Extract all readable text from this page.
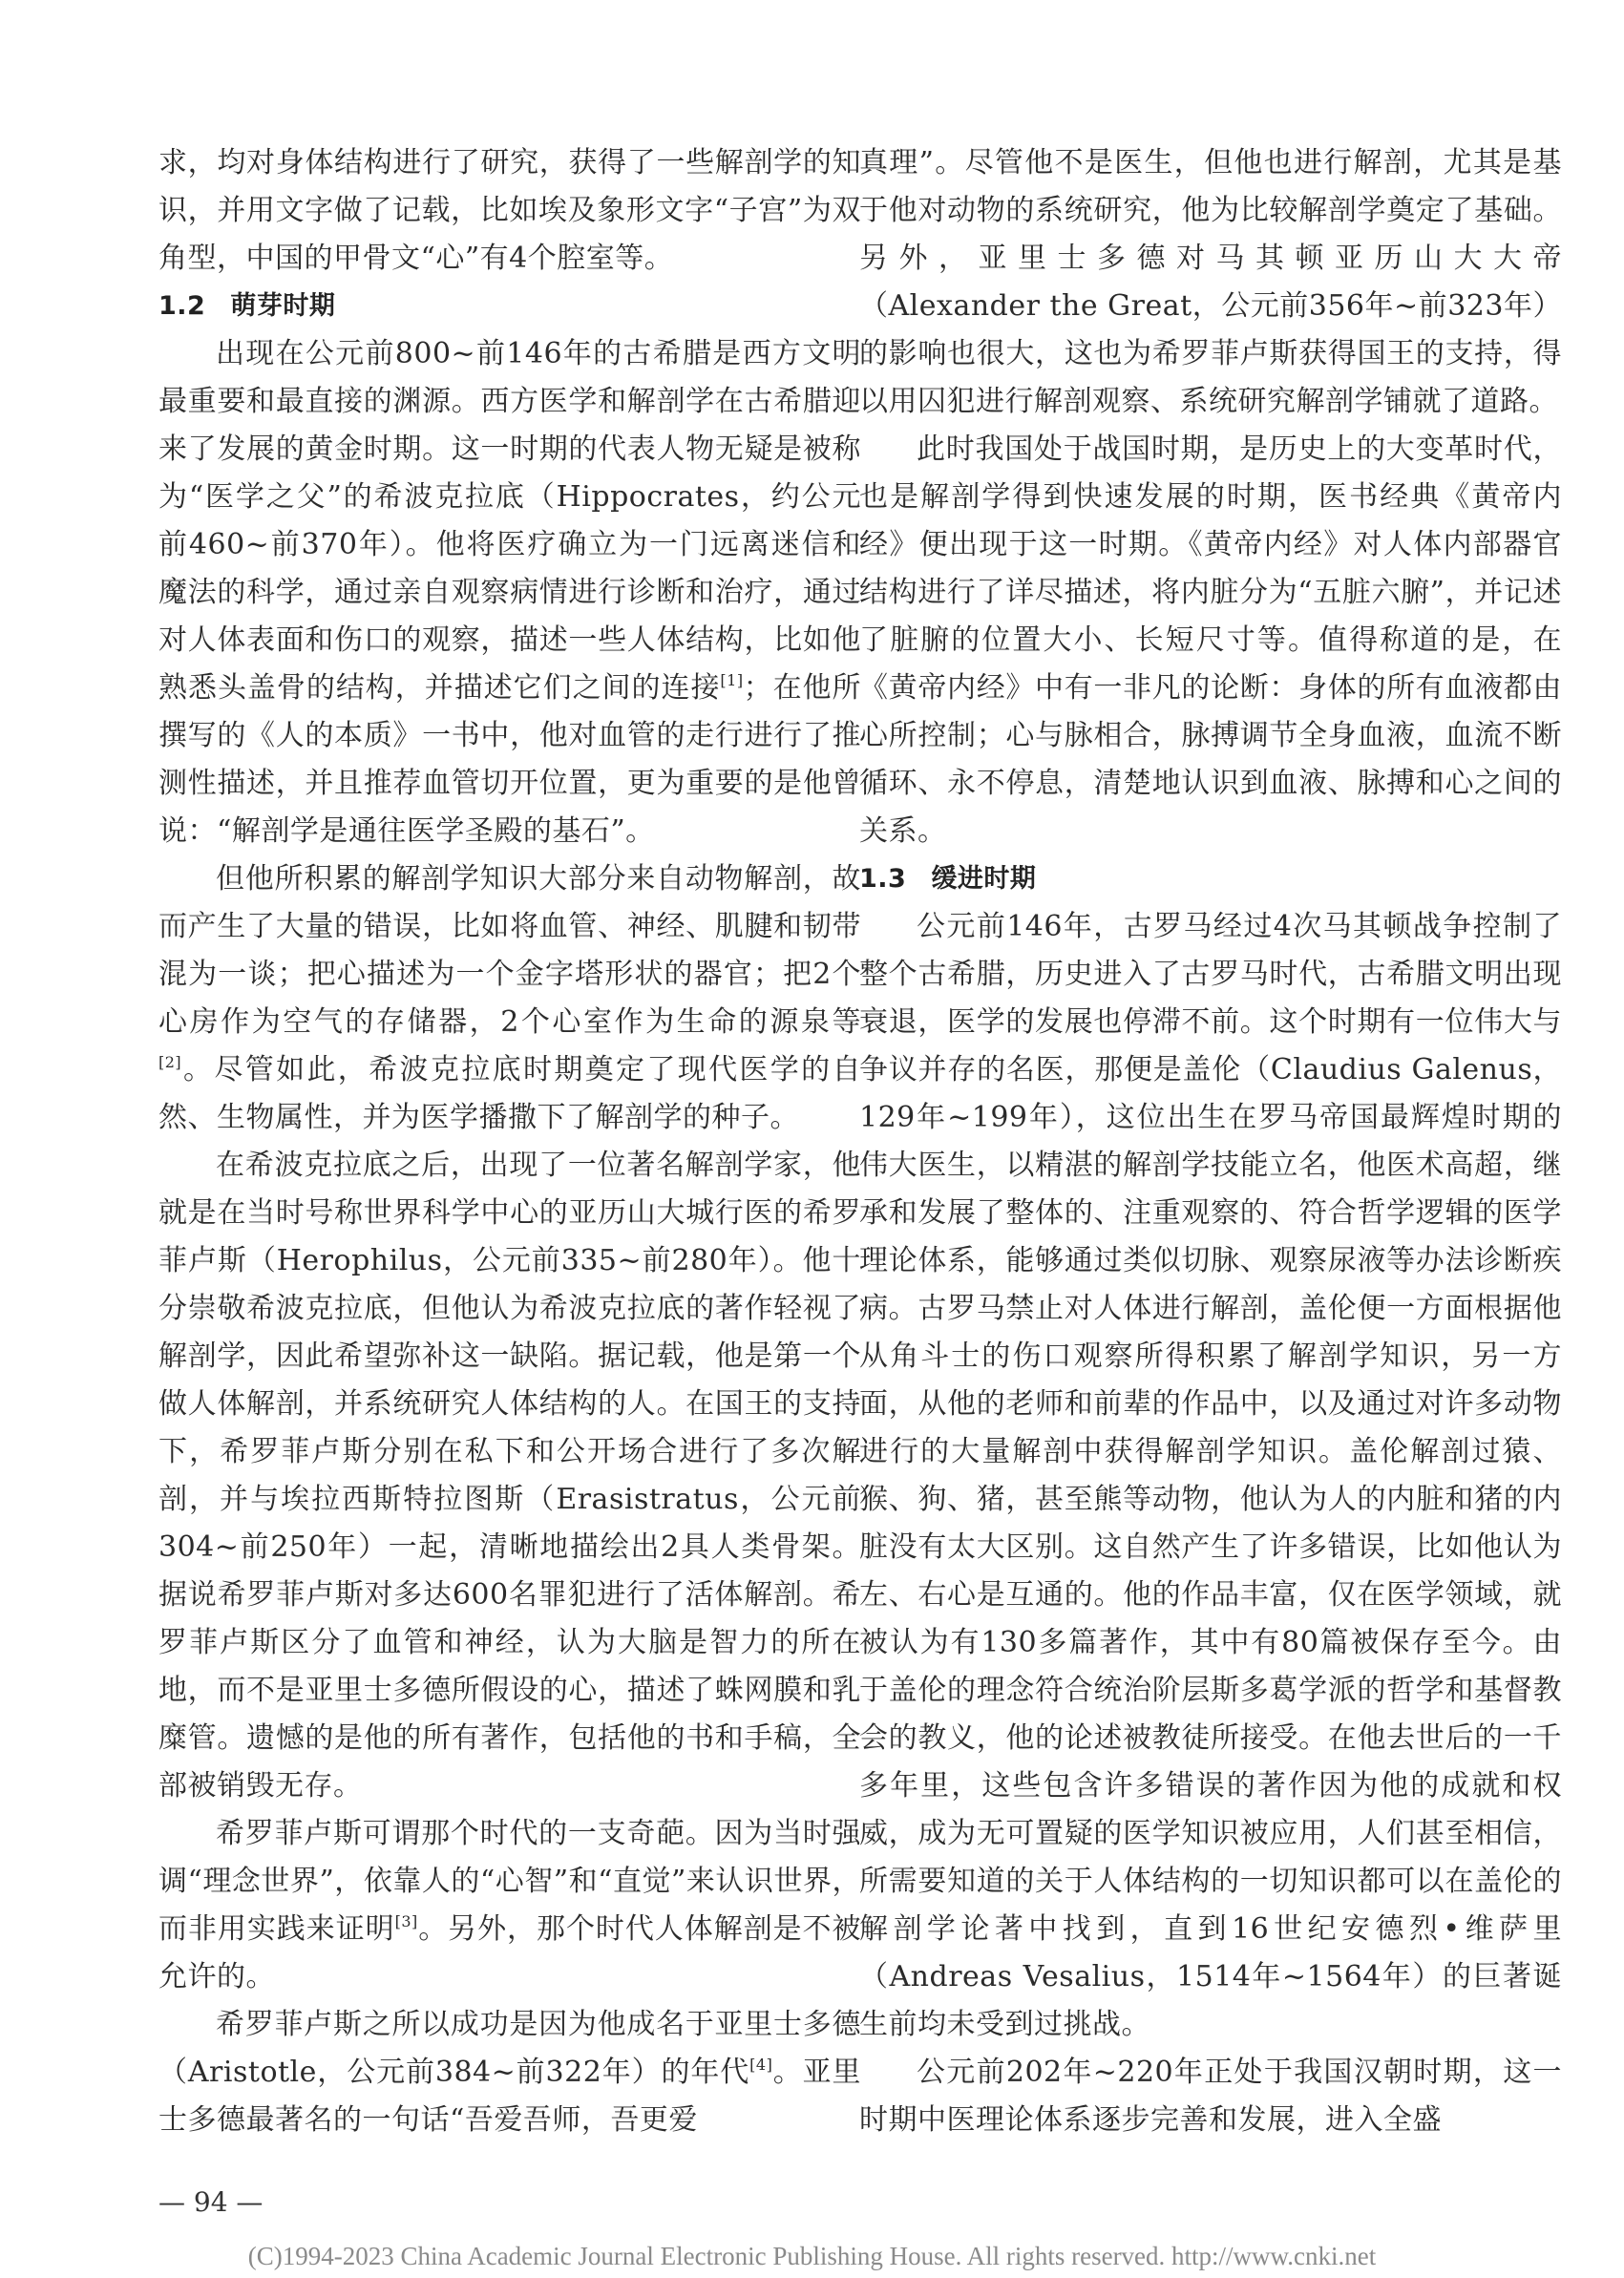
求，均对身体结构进行了研究，获得了一些解剖学的知识，并用文字做了记载，比如埃及象形文字“子宫”为双角型，中国的甲骨文“心”有4个腔室等。

1.2 萌芽时期

出现在公元前800~前146年的古希腊是西方文明最重要和最直接的渊源。西方医学和解剖学在古希腊迎来了发展的黄金时期。这一时期的代表人物无疑是被称为“医学之父”的希波克拉底（Hippocrates，约公元前460~前370年）。他将医疗确立为一门远离迷信和魔法的科学，通过亲自观察病情进行诊断和治疗，通过对人体表面和伤口的观察，描述一些人体结构，比如他熟悉头盖骨的结构，并描述它们之间的连接[1]；在他所撰写的《人的本质》一书中，他对血管的走行进行了推测性描述，并且推荐血管切开位置，更为重要的是他曾说：“解剖学是通往医学圣殿的基石”。

但他所积累的解剖学知识大部分来自动物解剖，故而产生了大量的错误，比如将血管、神经、肌腱和韧带混为一谈；把心描述为一个金字塔形状的器官；把2个心房作为空气的存储器，2个心室作为生命的源泉等[2]。尽管如此，希波克拉底时期奠定了现代医学的自然、生物属性，并为医学播撒下了解剖学的种子。

在希波克拉底之后，出现了一位著名解剖学家，他就是在当时号称世界科学中心的亚历山大城行医的希罗菲卢斯（Herophilus，公元前335~前280年）。他十分崇敬希波克拉底，但他认为希波克拉底的著作轻视了解剖学，因此希望弥补这一缺陷。据记载，他是第一个做人体解剖，并系统研究人体结构的人。在国王的支持下，希罗菲卢斯分别在私下和公开场合进行了多次解剖，并与埃拉西斯特拉图斯（Erasistratus，公元前304~前250年）一起，清晰地描绘出2具人类骨架。据说希罗菲卢斯对多达600名罪犯进行了活体解剖。希罗菲卢斯区分了血管和神经，认为大脑是智力的所在地，而不是亚里士多德所假设的心，描述了蛛网膜和乳糜管。遗憾的是他的所有著作，包括他的书和手稿，全部被销毁无存。

希罗菲卢斯可谓那个时代的一支奇葩。因为当时强调“理念世界”，依靠人的“心智”和“直觉”来认识世界，而非用实践来证明[3]。另外，那个时代人体解剖是不被允许的。

希罗菲卢斯之所以成功是因为他成名于亚里士多德（Aristotle，公元前384~前322年）的年代[4]。亚里士多德最著名的一句话“吾爱吾师，吾更爱

真理”。尽管他不是医生，但他也进行解剖，尤其是基于他对动物的系统研究，他为比较解剖学奠定了基础。另外，亚里士多德对马其顿亚历山大大帝（Alexander the Great，公元前356年~前323年）的影响也很大，这也为希罗菲卢斯获得国王的支持，得以用囚犯进行解剖观察、系统研究解剖学铺就了道路。

此时我国处于战国时期，是历史上的大变革时代，也是解剖学得到快速发展的时期，医书经典《黄帝内经》便出现于这一时期。《黄帝内经》对人体内部器官结构进行了详尽描述，将内脏分为“五脏六腑”，并记述了脏腑的位置大小、长短尺寸等。值得称道的是，在《黄帝内经》中有一非凡的论断：身体的所有血液都由心所控制；心与脉相合，脉搏调节全身血液，血流不断循环、永不停息，清楚地认识到血液、脉搏和心之间的关系。

1.3 缓进时期

公元前146年，古罗马经过4次马其顿战争控制了整个古希腊，历史进入了古罗马时代，古希腊文明出现衰退，医学的发展也停滞不前。这个时期有一位伟大与争议并存的名医，那便是盖伦（Claudius Galenus，129年~199年），这位出生在罗马帝国最辉煌时期的伟大医生，以精湛的解剖学技能立名，他医术高超，继承和发展了整体的、注重观察的、符合哲学逻辑的医学理论体系，能够通过类似切脉、观察尿液等办法诊断疾病。古罗马禁止对人体进行解剖，盖伦便一方面根据他从角斗士的伤口观察所得积累了解剖学知识，另一方面，从他的老师和前辈的作品中，以及通过对许多动物进行的大量解剖中获得解剖学知识。盖伦解剖过猿、猴、狗、猪，甚至熊等动物，他认为人的内脏和猪的内脏没有太大区别。这自然产生了许多错误，比如他认为左、右心是互通的。他的作品丰富，仅在医学领域，就被认为有130多篇著作，其中有80篇被保存至今。由于盖伦的理念符合统治阶层斯多葛学派的哲学和基督教会的教义，他的论述被教徒所接受。在他去世后的一千多年里，这些包含许多错误的著作因为他的成就和权威，成为无可置疑的医学知识被应用，人们甚至相信，所需要知道的关于人体结构的一切知识都可以在盖伦的解剖学论著中找到，直到16世纪安德烈•维萨里（Andreas Vesalius，1514年~1564年）的巨著诞生前均未受到过挑战。

公元前202年~220年正处于我国汉朝时期，这一时期中医理论体系逐步完善和发展，进入全盛

— 94 —
(C)1994-2023 China Academic Journal Electronic Publishing House. All rights reserved. http://www.cnki.net
